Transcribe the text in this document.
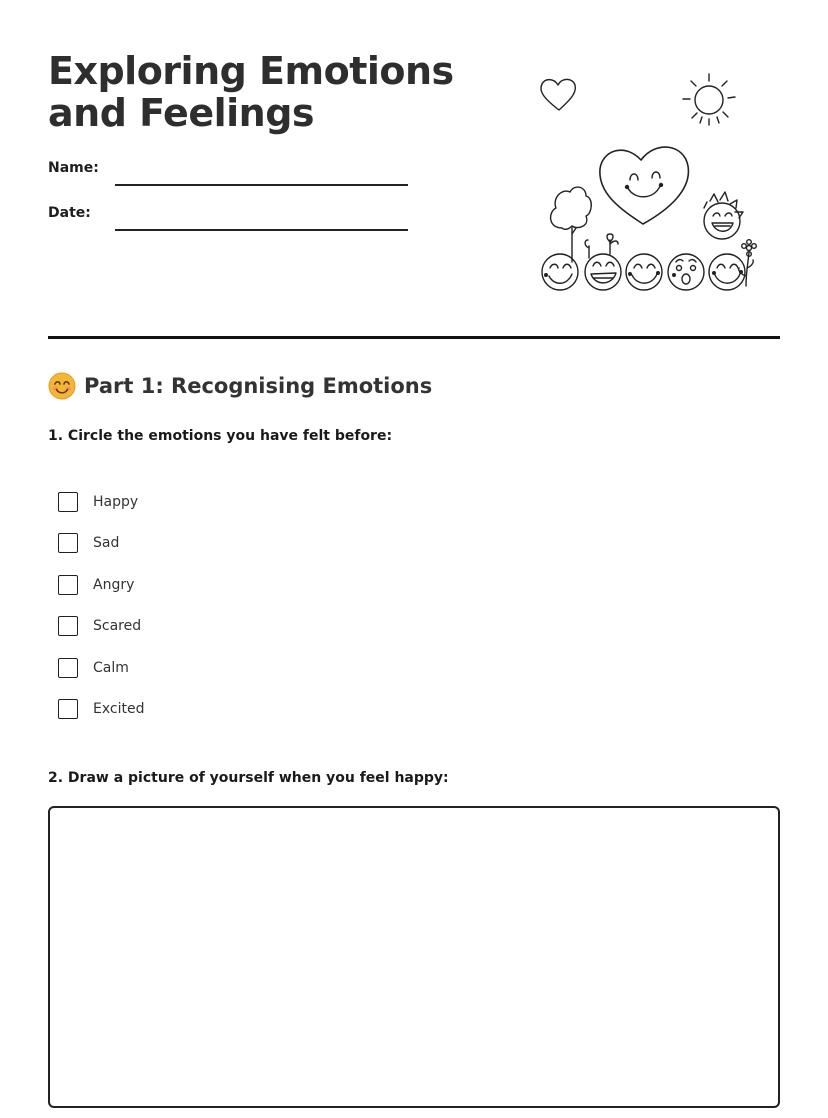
Exploring Emotions and Feelings
Name:
Date:
Part 1: Recognising Emotions

1. Circle the emotions you have felt before:

Happy
Sad
Angry
Scared
Calm
Excited

2. Draw a picture of yourself when you feel happy:
